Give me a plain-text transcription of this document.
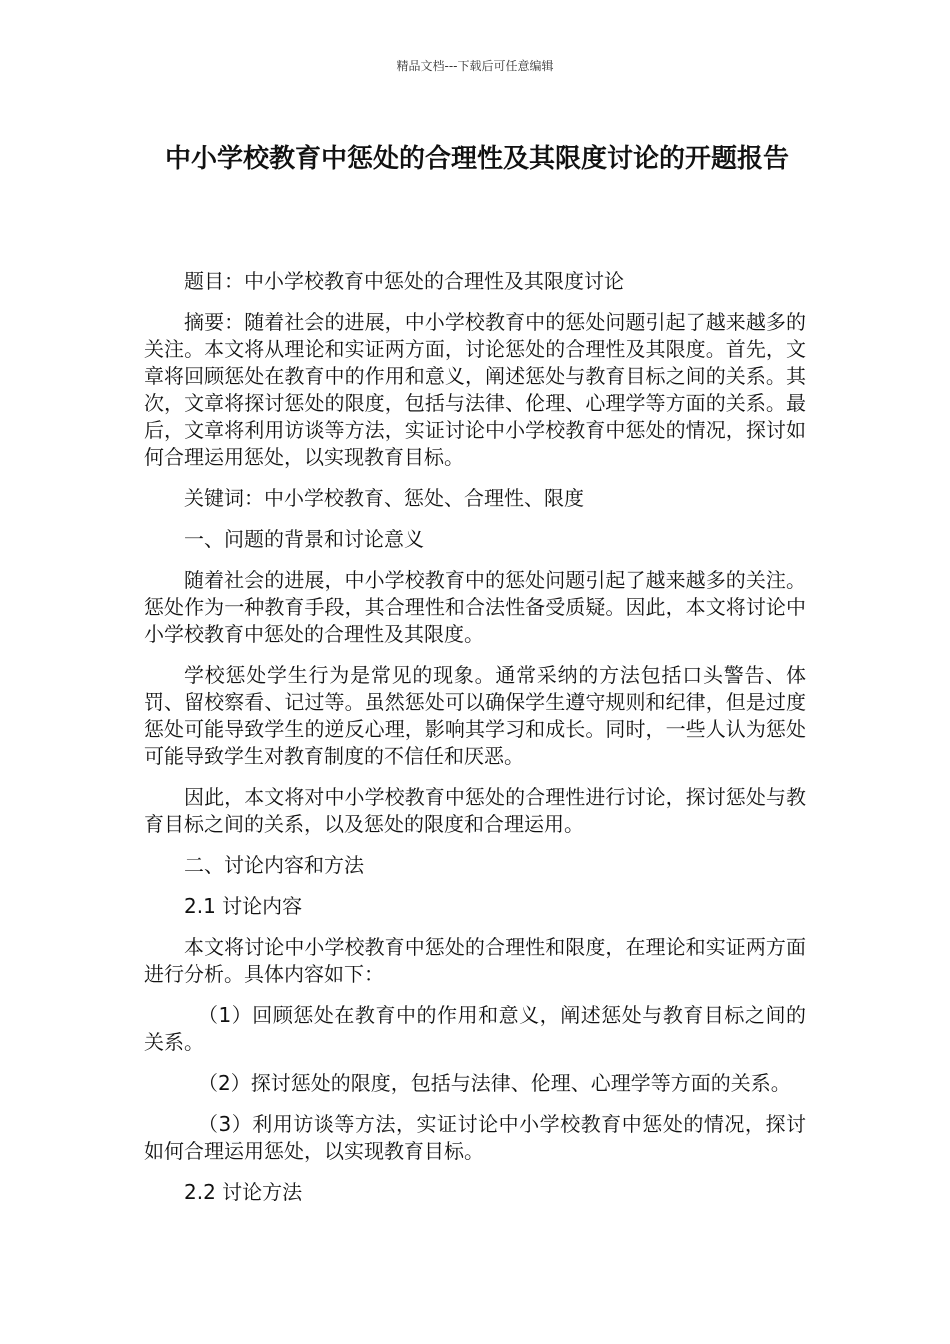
精品文档---下载后可任意编辑
中小学校教育中惩处的合理性及其限度讨论的开题报告

题目：中小学校教育中惩处的合理性及其限度讨论

摘要：随着社会的进展，中小学校教育中的惩处问题引起了越来越多的关注。本文将从理论和实证两方面，讨论惩处的合理性及其限度。首先，文章将回顾惩处在教育中的作用和意义，阐述惩处与教育目标之间的关系。其次，文章将探讨惩处的限度，包括与法律、伦理、心理学等方面的关系。最后，文章将利用访谈等方法，实证讨论中小学校教育中惩处的情况，探讨如何合理运用惩处，以实现教育目标。

关键词：中小学校教育、惩处、合理性、限度

一、问题的背景和讨论意义

随着社会的进展，中小学校教育中的惩处问题引起了越来越多的关注。惩处作为一种教育手段，其合理性和合法性备受质疑。因此，本文将讨论中小学校教育中惩处的合理性及其限度。

学校惩处学生行为是常见的现象。通常采纳的方法包括口头警告、体罚、留校察看、记过等。虽然惩处可以确保学生遵守规则和纪律，但是过度惩处可能导致学生的逆反心理，影响其学习和成长。同时，一些人认为惩处可能导致学生对教育制度的不信任和厌恶。

因此，本文将对中小学校教育中惩处的合理性进行讨论，探讨惩处与教育目标之间的关系，以及惩处的限度和合理运用。

二、讨论内容和方法

2.1 讨论内容

本文将讨论中小学校教育中惩处的合理性和限度，在理论和实证两方面进行分析。具体内容如下：

（1）回顾惩处在教育中的作用和意义，阐述惩处与教育目标之间的关系。

（2）探讨惩处的限度，包括与法律、伦理、心理学等方面的关系。

（3）利用访谈等方法，实证讨论中小学校教育中惩处的情况，探讨如何合理运用惩处，以实现教育目标。

2.2 讨论方法
